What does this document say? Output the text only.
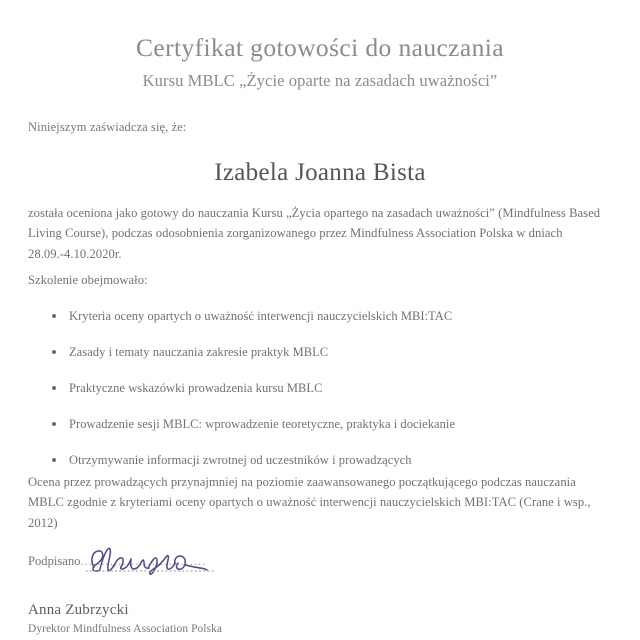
Certyfikat gotowości do nauczania
Kursu MBLC „Życie oparte na zasadach uważności”
Niniejszym zaświadcza się, że:
Izabela Joanna Bista
została oceniona jako gotowy do nauczania Kursu „Życia opartego na zasadach uważności” (Mindfulness Based Living Course), podczas odosobnienia zorganizowanego przez Mindfulness Association Polska w dniach 28.09.-4.10.2020r.
Szkolenie obejmowało:
Kryteria oceny opartych o uważność interwencji nauczycielskich MBI:TAC
Zasady i tematy nauczania zakresie praktyk MBLC
Praktyczne wskazówki prowadzenia kursu MBLC
Prowadzenie sesji MBLC: wprowadzenie teoretyczne, praktyka i dociekanie
Otrzymywanie informacji zwrotnej od uczestników i prowadzących
Ocena przez prowadzących przynajmniej na poziomie zaawansowanego początkującego podczas nauczania MBLC zgodnie z kryteriami oceny opartych o uważność interwencji nauczycielskich MBI:TAC (Crane i wsp., 2012)
Podpisano..............................
Anna Zubrzycki
Dyrektor Mindfulness Association Polska
